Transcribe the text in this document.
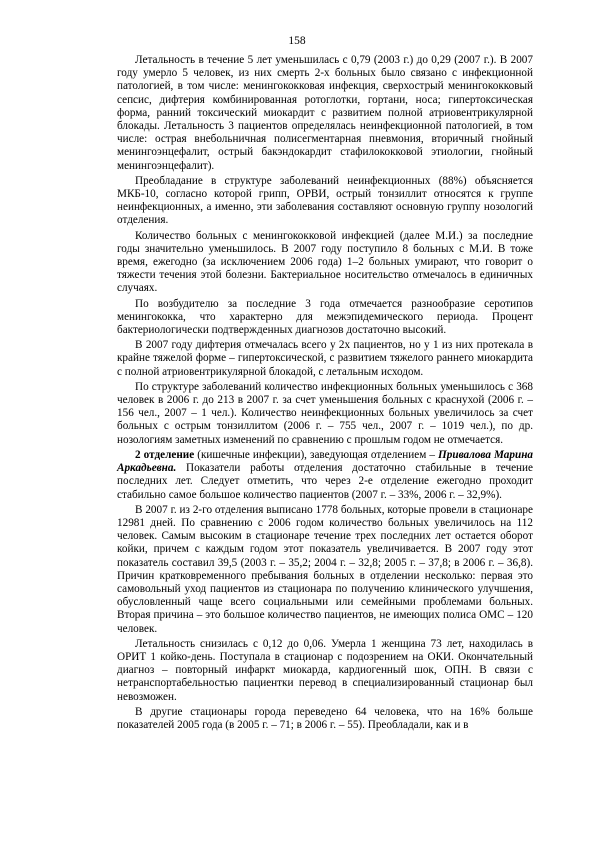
158

Летальность в течение 5 лет уменьшилась с 0,79 (2003 г.) до 0,29 (2007 г.). В 2007 году умерло 5 человек, из них смерть 2-х больных было связано с инфекционной патологией, в том числе: менингококковая инфекция, сверхострый менингококковый сепсис, дифтерия комбинированная ротоглотки, гортани, носа; гипертоксическая форма, ранний токсический миокардит с развитием полной атриовентрикулярной блокады. Летальность 3 пациентов определялась неинфекционной патологией, в том числе: острая внебольничная полисегментарная пневмония, вторичный гнойный менингоэнцефалит, острый бакэндокардит стафилококковой этиологии, гнойный менингоэнцефалит).

Преобладание в структуре заболеваний неинфекционных (88%) объясняется МКБ-10, согласно которой грипп, ОРВИ, острый тонзиллит относятся к группе неинфекционных, а именно, эти заболевания составляют основную группу нозологий отделения.

Количество больных с менингококковой инфекцией (далее М.И.) за последние годы значительно уменьшилось. В 2007 году поступило 8 больных с М.И. В тоже время, ежегодно (за исключением 2006 года) 1–2 больных умирают, что говорит о тяжести течения этой болезни. Бактериальное носительство отмечалось в единичных случаях.

По возбудителю за последние 3 года отмечается разнообразие серотипов менингококка, что характерно для межэпидемического периода. Процент бактериологически подтвержденных диагнозов достаточно высокий.

В 2007 году дифтерия отмечалась всего у 2х пациентов, но у 1 из них протекала в крайне тяжелой форме – гипертоксической, с развитием тяжелого раннего миокардита с полной атриовентрикулярной блокадой, с летальным исходом.

По структуре заболеваний количество инфекционных больных уменьшилось с 368 человек в 2006 г. до 213 в 2007 г. за счет уменьшения больных с краснухой (2006 г. – 156 чел., 2007 – 1 чел.). Количество неинфекционных больных увеличилось за счет больных с острым тонзиллитом (2006 г. – 755 чел., 2007 г. – 1019 чел.), по др. нозологиям заметных изменений по сравнению с прошлым годом не отмечается.

2 отделение (кишечные инфекции), заведующая отделением – Привалова Марина Аркадьевна. Показатели работы отделения достаточно стабильные в течение последних лет. Следует отметить, что через 2-е отделение ежегодно проходит стабильно самое большое количество пациентов (2007 г. – 33%, 2006 г. – 32,9%).

В 2007 г. из 2-го отделения выписано 1778 больных, которые провели в стационаре 12981 дней. По сравнению с 2006 годом количество больных увеличилось на 112 человек. Самым высоким в стационаре течение трех последних лет остается оборот койки, причем с каждым годом этот показатель увеличивается. В 2007 году этот показатель составил 39,5 (2003 г. – 35,2; 2004 г. – 32,8; 2005 г. – 37,8; в 2006 г. – 36,8). Причин кратковременного пребывания больных в отделении несколько: первая это самовольный уход пациентов из стационара по получению клинического улучшения, обусловленный чаще всего социальными или семейными проблемами больных. Вторая причина – это большое количество пациентов, не имеющих полиса ОМС – 120 человек.

Летальность снизилась с 0,12 до 0,06. Умерла 1 женщина 73 лет, находилась в ОРИТ 1 койко-день. Поступала в стационар с подозрением на ОКИ. Окончательный диагноз – повторный инфаркт миокарда, кардиогенный шок, ОПН. В связи с нетранспортабельностью пациентки перевод в специализированный стационар был невозможен.

В другие стационары города переведено 64 человека, что на 16% больше показателей 2005 года (в 2005 г. – 71; в 2006 г. – 55). Преобладали, как и в
